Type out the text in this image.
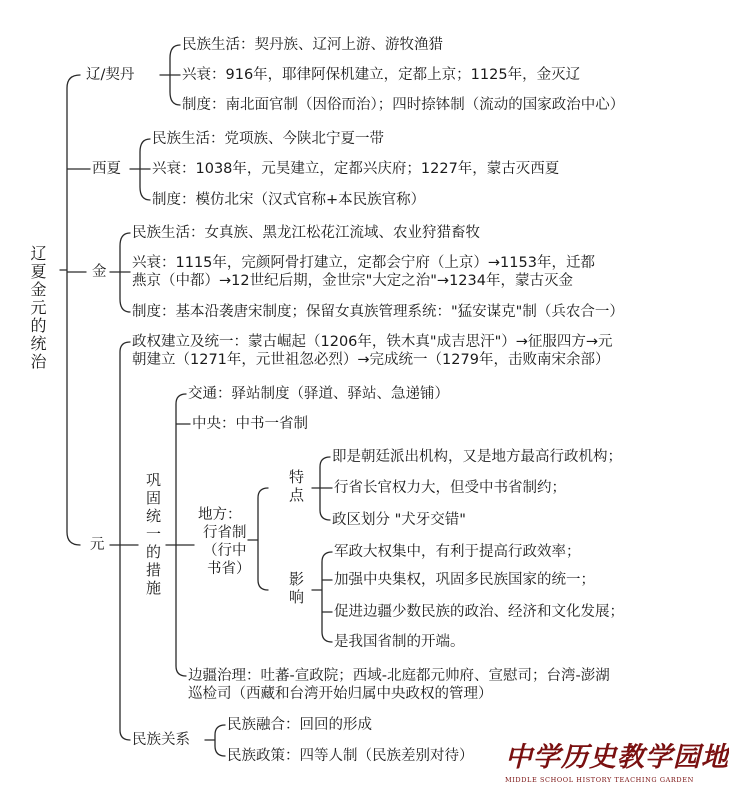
辽夏金元的统治
辽/契丹
民族生活：契丹族、辽河上游、游牧渔猎
兴衰：916年，耶律阿保机建立，定都上京；1125年，金灭辽
制度：南北面官制（因俗而治）；四时捺钵制（流动的国家政治中心）
西夏
民族生活：党项族、今陕北宁夏一带
兴衰：1038年，元昊建立，定都兴庆府；1227年，蒙古灭西夏
制度：模仿北宋（汉式官称+本民族官称）
金
民族生活：女真族、黑龙江松花江流域、农业狩猎畜牧
兴衰：1115年，完颜阿骨打建立，定都会宁府（上京）→1153年，迁都
燕京（中都）→12世纪后期，金世宗"大定之治"→1234年，蒙古灭金
制度：基本沿袭唐宋制度；保留女真族管理系统："猛安谋克"制（兵农合一）
元
政权建立及统一：蒙古崛起（1206年，铁木真"成吉思汗"）→征服四方→元
朝建立（1271年，元世祖忽必烈）→完成统一（1279年，击败南宋余部）
巩固统一的措施
交通：驿站制度（驿道、驿站、急递铺）
中央：中书一省制
地方：
行省制
（行中
书省）
特点
即是朝廷派出机构，又是地方最高行政机构；
行省长官权力大，但受中书省制约；
政区划分 "犬牙交错"
影响
军政大权集中，有利于提高行政效率；
加强中央集权，巩固多民族国家的统一；
促进边疆少数民族的政治、经济和文化发展；
是我国省制的开端。
边疆治理：吐蕃-宣政院；西域-北庭都元帅府、宣慰司；台湾-澎湖
巡检司（西藏和台湾开始归属中央政权的管理）
民族关系
民族融合：回回的形成
民族政策：四等人制（民族差别对待） 中学历史教学园地
MIDDLE SCHOOL HISTORY TEACHING GARDEN
